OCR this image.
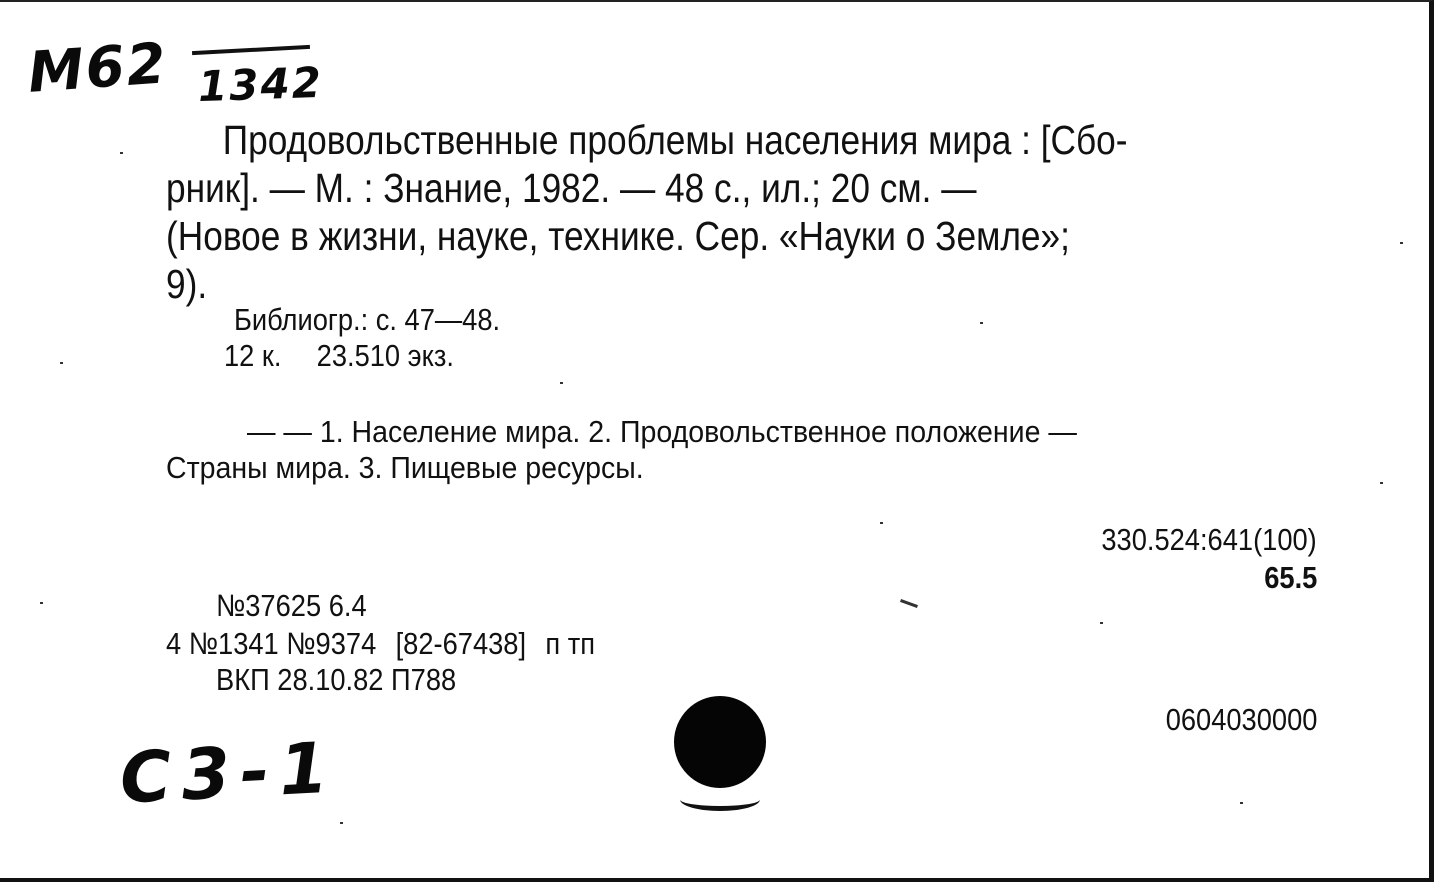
М62 1342

Продовольственные проблемы населения мира : [Сбо-

рник]. — М. : Знание, 1982. — 48 с., ил.; 20 см. —

(Новое в жизни, науке, технике. Сер. «Науки о Земле»;

9).

Библиогр.: с. 47—48.
12 к. 23.510 экз.
— — 1. Население мира. 2. Продовольственное положение —
Страны мира. 3. Пищевые ресурсы.
330.524:641(100)
65.5
№37625 6.4
4 №1341 №9374 [82-67438] п тп
ВКП 28.10.82 П788
0604030000
С3-1
